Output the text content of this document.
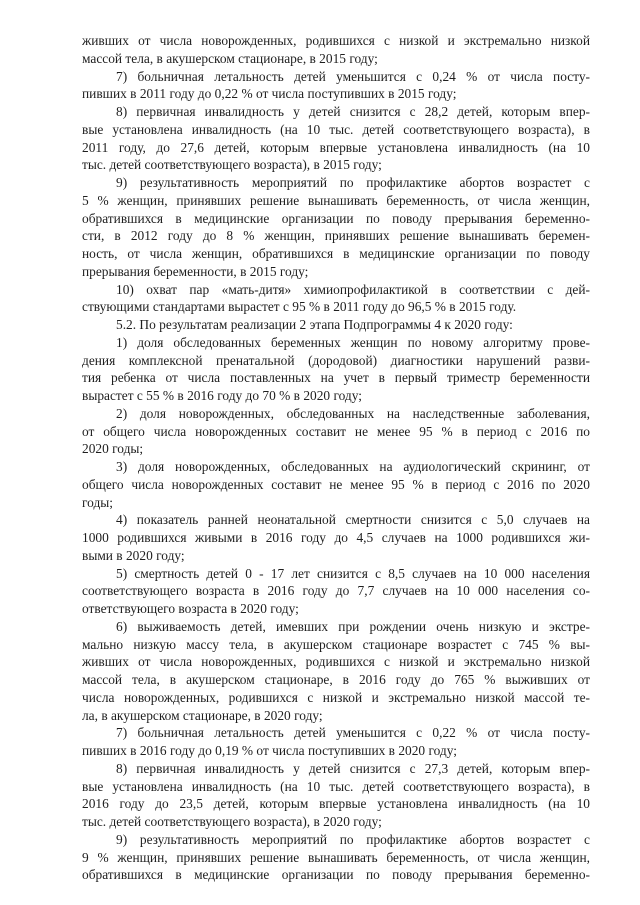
живших от числа новорожденных, родившихся с низкой и экстремально низкой
массой тела, в акушерском стационаре, в 2015 году;
7) больничная летальность детей уменьшится с 0,24 % от числа посту-
пивших в 2011 году до 0,22 % от числа поступивших в 2015 году;
8) первичная инвалидность у детей снизится с 28,2 детей, которым впер-
вые установлена инвалидность (на 10 тыс. детей соответствующего возраста), в
2011 году, до 27,6 детей, которым впервые установлена инвалидность (на 10
тыс. детей соответствующего возраста), в 2015 году;
9) результативность мероприятий по профилактике абортов возрастет с
5 % женщин, принявших решение вынашивать беременность, от числа женщин,
обратившихся в медицинские организации по поводу прерывания беременно-
сти, в 2012 году до 8 % женщин, принявших решение вынашивать беремен-
ность, от числа женщин, обратившихся в медицинские организации по поводу
прерывания беременности, в 2015 году;
10) охват пар «мать-дитя» химиопрофилактикой в соответствии с дей-
ствующими стандартами вырастет с 95 % в 2011 году до 96,5 % в 2015 году.
5.2. По результатам реализации 2 этапа Подпрограммы 4 к 2020 году:
1) доля обследованных беременных женщин по новому алгоритму прове-
дения комплексной пренатальной (дородовой) диагностики нарушений разви-
тия ребенка от числа поставленных на учет в первый триместр беременности
вырастет с 55 % в 2016 году до 70 % в 2020 году;
2) доля новорожденных, обследованных на наследственные заболевания,
от общего числа новорожденных составит не менее 95 % в период с 2016 по
2020 годы;
3) доля новорожденных, обследованных на аудиологический скрининг, от
общего числа новорожденных составит не менее 95 % в период с 2016 по 2020
годы;
4) показатель ранней неонатальной смертности снизится с 5,0 случаев на
1000 родившихся живыми в 2016 году до 4,5 случаев на 1000 родившихся жи-
выми в 2020 году;
5) смертность детей 0 - 17 лет снизится с 8,5 случаев на 10 000 населения
соответствующего возраста в 2016 году до 7,7 случаев на 10 000 населения со-
ответствующего возраста в 2020 году;
6) выживаемость детей, имевших при рождении очень низкую и экстре-
мально низкую массу тела, в акушерском стационаре возрастет с 745 % вы-
живших от числа новорожденных, родившихся с низкой и экстремально низкой
массой тела, в акушерском стационаре, в 2016 году до 765 % выживших от
числа новорожденных, родившихся с низкой и экстремально низкой массой те-
ла, в акушерском стационаре, в 2020 году;
7) больничная летальность детей уменьшится с 0,22 % от числа посту-
пивших в 2016 году до 0,19 % от числа поступивших в 2020 году;
8) первичная инвалидность у детей снизится с 27,3 детей, которым впер-
вые установлена инвалидность (на 10 тыс. детей соответствующего возраста), в
2016 году до 23,5 детей, которым впервые установлена инвалидность (на 10
тыс. детей соответствующего возраста), в 2020 году;
9) результативность мероприятий по профилактике абортов возрастет с
9 % женщин, принявших решение вынашивать беременность, от числа женщин,
обратившихся в медицинские организации по поводу прерывания беременно-
